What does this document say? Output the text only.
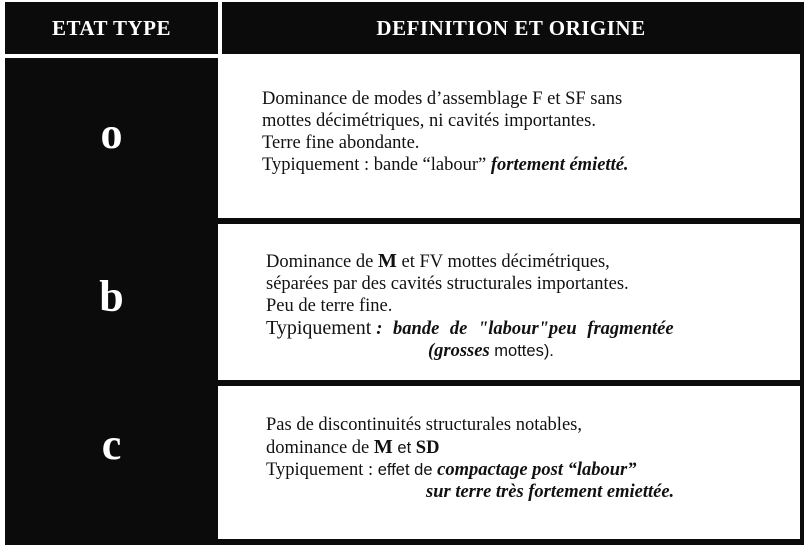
ETAT TYPE	DEFINITION ET ORIGINE
o
b
c
Dominance de modes d’assemblage F et SF sans
mottes décimétriques, ni cavités importantes.
Terre fine abondante.
Typiquement : bande “labour” fortement émietté.
Dominance de M et FV mottes décimétriques,
séparées par des cavités structurales importantes.
Peu de terre fine.
Typiquement : bande de "labour"peu fragmentée
(grosses mottes).
Pas de discontinuités structurales notables,
dominance de M et SD
Typiquement : effet de compactage post “labour”
sur terre très fortement emiettée.
